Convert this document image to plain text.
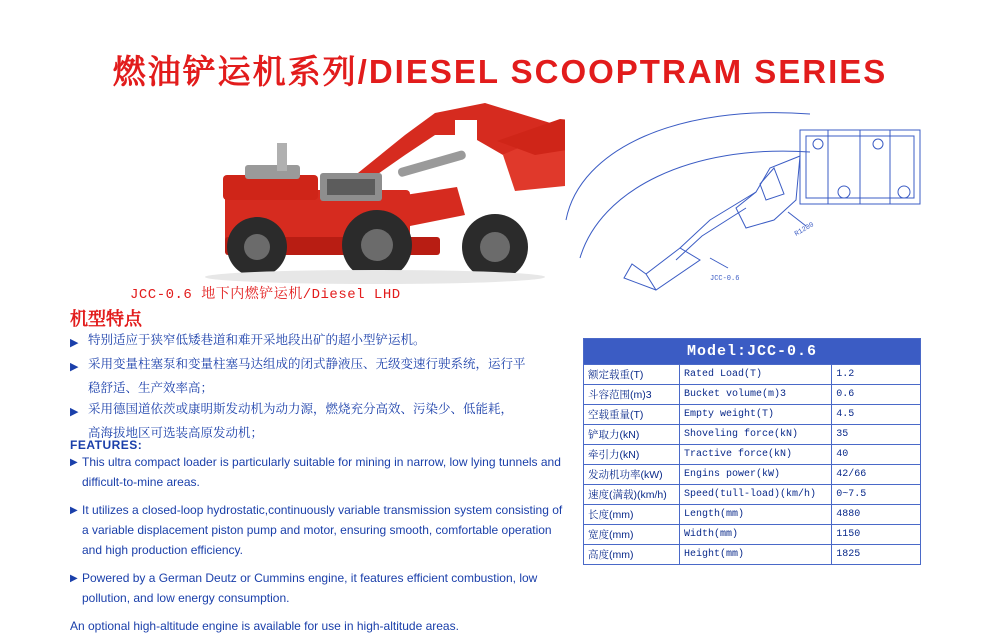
燃油铲运机系列/DIESEL SCOOPTRAM SERIES
JCC-0.6 地下内燃铲运机/Diesel LHD
机型特点
▶ 特别适应于狭窄低矮巷道和难开采地段出矿的超小型铲运机。
▶ 采用变量柱塞泵和变量柱塞马达组成的闭式静液压、无级变速行驶系统，运行平
稳舒适、生产效率高；
▶ 采用德国道依茨或康明斯发动机为动力源，燃烧充分高效、污染少、低能耗，
高海拔地区可选装高原发动机；
FEATURES:
▶ This ultra compact loader is particularly suitable for mining in narrow, low lying tunnels and difficult-to-mine areas.
▶ It utilizes a closed-loop hydrostatic,continuously variable transmission system consisting of a variable displacement piston pump and motor, ensuring smooth, comfortable operation and high production efficiency.
▶ Powered by a German Deutz or Cummins engine, it features efficient combustion, low pollution, and low energy consumption.
An optional high-altitude engine is available for use in high-altitude areas.
JCC-0.6
R1200
Model:JCC-0.6		
额定载重(T)	Rated Load(T)	1.2
斗容范围(m)3	Bucket volume(m)3	0.6
空载重量(T)	Empty weight(T)	4.5
铲取力(kN)	Shoveling force(kN)	35
牵引力(kN)	Tractive force(kN)	40
发动机功率(kW)	Engins power(kW)	42/66
速度(满载)(km/h)	Speed(tull-load)(km/h)	0~7.5
长度(mm)	Length(mm)	4880
宽度(mm)	Width(mm)	1150
高度(mm)	Height(mm)	1825
